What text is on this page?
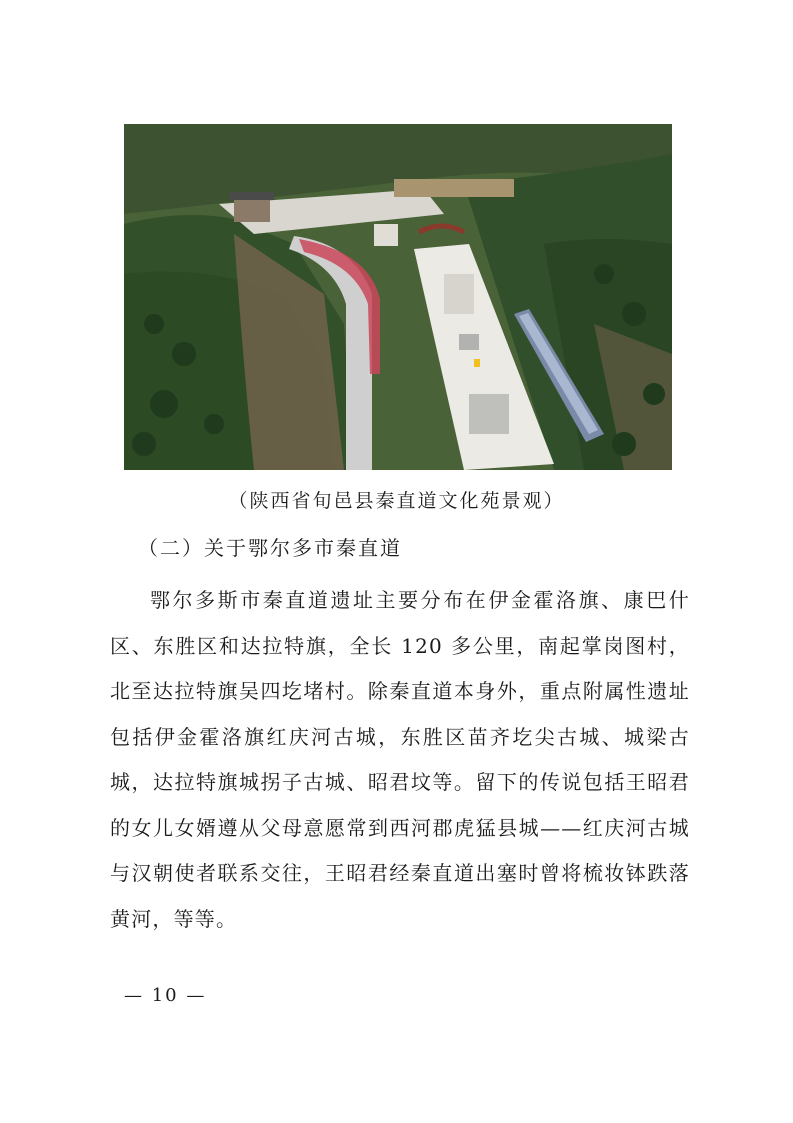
（陕西省旬邑县秦直道文化苑景观）
（二）关于鄂尔多市秦直道
鄂尔多斯市秦直道遗址主要分布在伊金霍洛旗、康巴什区、东胜区和达拉特旗，全长 120 多公里，南起掌岗图村，北至达拉特旗吴四圪堵村。除秦直道本身外，重点附属性遗址包括伊金霍洛旗红庆河古城，东胜区苗齐圪尖古城、城梁古城，达拉特旗城拐子古城、昭君坟等。留下的传说包括王昭君的女儿女婿遵从父母意愿常到西河郡虎猛县城——红庆河古城与汉朝使者联系交往，王昭君经秦直道出塞时曾将梳妆钵跌落黄河，等等。
— 10 —
